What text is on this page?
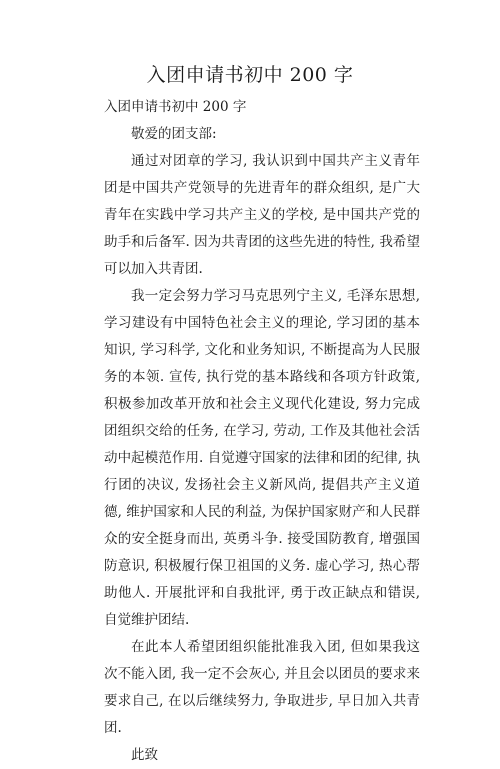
入团申请书初中 200 字

入团申请书初中 200 字

敬爱的团支部:

通过对团章的学习, 我认识到中国共产主义青年团是中国共产党领导的先进青年的群众组织, 是广大青年在实践中学习共产主义的学校, 是中国共产党的助手和后备军. 因为共青团的这些先进的特性, 我希望可以加入共青团.

我一定会努力学习马克思列宁主义, 毛泽东思想, 学习建设有中国特色社会主义的理论, 学习团的基本知识, 学习科学, 文化和业务知识, 不断提高为人民服务的本领. 宣传, 执行党的基本路线和各项方针政策, 积极参加改革开放和社会主义现代化建设, 努力完成团组织交给的任务, 在学习, 劳动, 工作及其他社会活动中起模范作用. 自觉遵守国家的法律和团的纪律, 执行团的决议, 发扬社会主义新风尚, 提倡共产主义道德, 维护国家和人民的利益, 为保护国家财产和人民群众的安全挺身而出, 英勇斗争. 接受国防教育, 增强国防意识, 积极履行保卫祖国的义务. 虚心学习, 热心帮助他人. 开展批评和自我批评, 勇于改正缺点和错误, 自觉维护团结.

在此本人希望团组织能批准我入团, 但如果我这次不能入团, 我一定不会灰心, 并且会以团员的要求来要求自己, 在以后继续努力, 争取进步, 早日加入共青团.

此致
